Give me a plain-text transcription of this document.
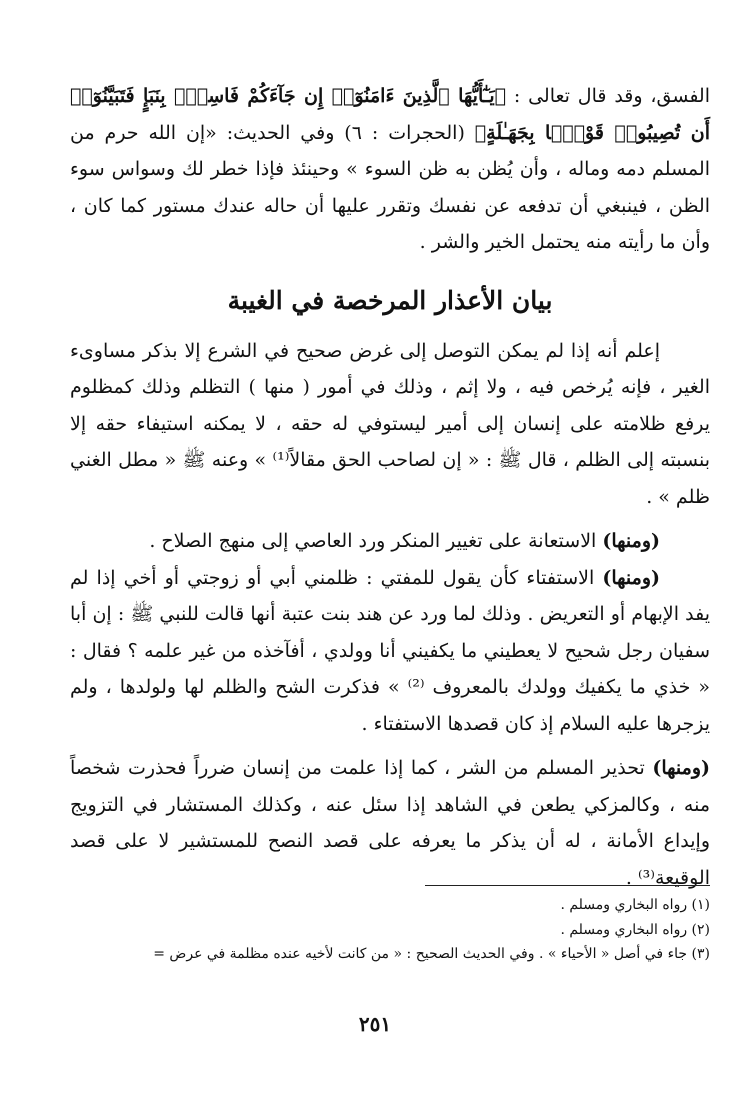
الفسق، وقد قال تعالى : ﴿يَـٰٓأَيُّهَا ٱلَّذِينَ ءَامَنُوٓا۟ إِن جَآءَكُمْ فَاسِقٌۢ بِنَبَإٍ فَتَبَيَّنُوٓا۟ أَن تُصِيبُوا۟ قَوْمًۢا بِجَهَـٰلَةٍ﴾ (الحجرات : ٦) وفي الحديث: «إن الله حرم من المسلم دمه وماله ، وأن يُظن به ظن السوء » وحينئذ فإذا خطر لك وسواس سوء الظن ، فينبغي أن تدفعه عن نفسك وتقرر عليها أن حاله عندك مستور كما كان ، وأن ما رأيته منه يحتمل الخير والشر .

بيان الأعذار المرخصة في الغيبة

إعلم أنه إذا لم يمكن التوصل إلى غرض صحيح في الشرع إلا بذكر مساوىء الغير ، فإنه يُرخص فيه ، ولا إثم ، وذلك في أمور ( منها ) التظلم وذلك كمظلوم يرفع ظلامته على إنسان إلى أمير ليستوفي له حقه ، لا يمكنه استيفاء حقه إلا بنسبته إلى الظلم ، قال ﷺ : « إن لصاحب الحق مقالاً⁽¹⁾ » وعنه ﷺ « مطل الغني ظلم » .

(ومنها) الاستعانة على تغيير المنكر ورد العاصي إلى منهج الصلاح .

(ومنها) الاستفتاء كأن يقول للمفتي : ظلمني أبي أو زوجتي أو أخي إذا لم يفد الإبهام أو التعريض . وذلك لما ورد عن هند بنت عتبة أنها قالت للنبي ﷺ : إن أبا سفيان رجل شحيح لا يعطيني ما يكفيني أنا وولدي ، أفآخذه من غير علمه ؟ فقال : « خذي ما يكفيك وولدك بالمعروف ⁽²⁾ » فذكرت الشح والظلم لها ولولدها ، ولم يزجرها عليه السلام إذ كان قصدها الاستفتاء .

(ومنها) تحذير المسلم من الشر ، كما إذا علمت من إنسان ضرراً فحذرت شخصاً منه ، وكالمزكي يطعن في الشاهد إذا سئل عنه ، وكذلك المستشار في التزويج وإيداع الأمانة ، له أن يذكر ما يعرفه على قصد النصح للمستشير لا على قصد الوقيعة⁽³⁾ .

(١) رواه البخاري ومسلم .
(٢) رواه البخاري ومسلم .
(٣) جاء في أصل « الأحياء » . وفي الحديث الصحيح : « من كانت لأخيه عنده مظلمة في عرض =
٢٥١
